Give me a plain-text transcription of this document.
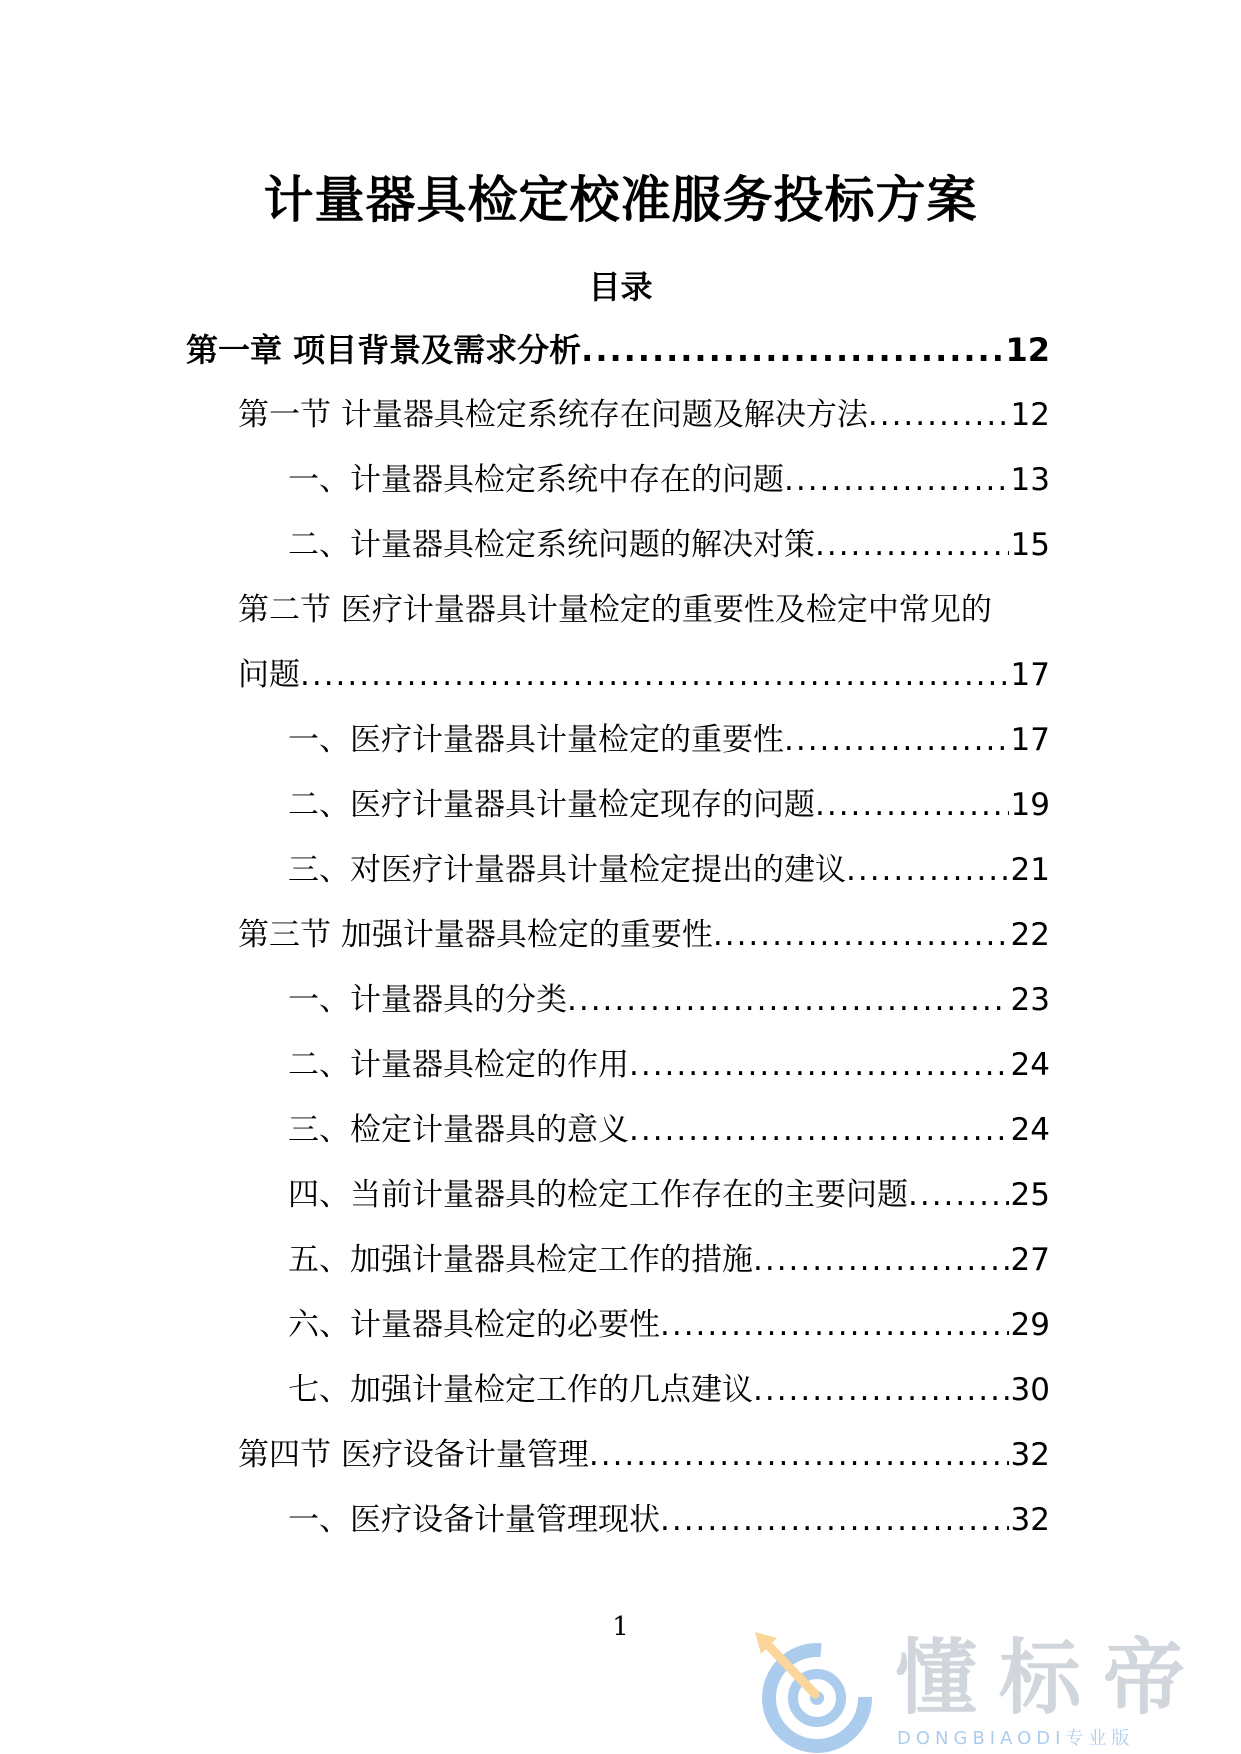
计量器具检定校准服务投标方案
目录
第一章 项目背景及需求分析 .....	12
第一节 计量器具检定系统存在问题及解决方法 .....	12
一、计量器具检定系统中存在的问题 .....	13
二、计量器具检定系统问题的解决对策 .....	15
第二节 医疗计量器具计量检定的重要性及检定中常见的
问题 .....	17
一、医疗计量器具计量检定的重要性 .....	17
二、医疗计量器具计量检定现存的问题 .....	19
三、对医疗计量器具计量检定提出的建议 .....	21
第三节 加强计量器具检定的重要性 .....	22
一、计量器具的分类 .....	23
二、计量器具检定的作用 .....	24
三、检定计量器具的意义 .....	24
四、当前计量器具的检定工作存在的主要问题 .....	25
五、加强计量器具检定工作的措施 .....	27
六、计量器具检定的必要性 .....	29
七、加强计量检定工作的几点建议 .....	30
第四节 医疗设备计量管理 .....	32
一、医疗设备计量管理现状 .....	32
1
懂标帝
DONGBIAODI专业版
